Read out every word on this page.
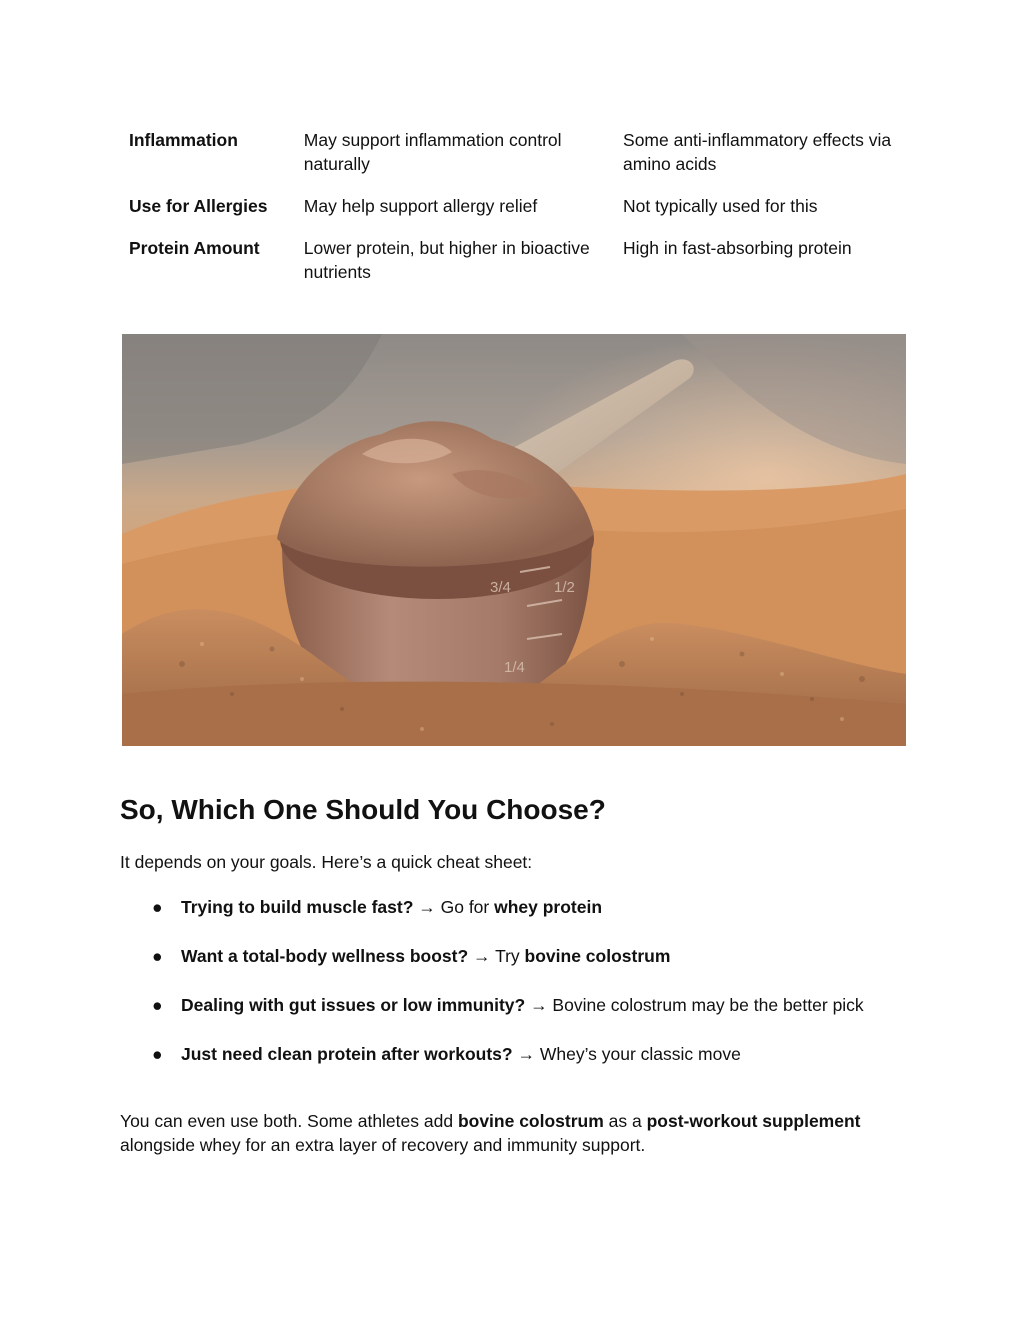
Inflammation	May support inflammation control naturally	Some anti-inflammatory effects via amino acids
Use for Allergies	May help support allergy relief	Not typically used for this
Protein Amount	Lower protein, but higher in bioactive nutrients	High in fast-absorbing protein
3/4	1/2
1/4
So, Which One Should You Choose?

It depends on your goals. Here’s a quick cheat sheet:

● Trying to build muscle fast? → Go for whey protein
● Want a total-body wellness boost? → Try bovine colostrum
● Dealing with gut issues or low immunity? → Bovine colostrum may be the better pick
● Just need clean protein after workouts? → Whey’s your classic move

You can even use both. Some athletes add bovine colostrum as a post-workout supplement alongside whey for an extra layer of recovery and immunity support.
